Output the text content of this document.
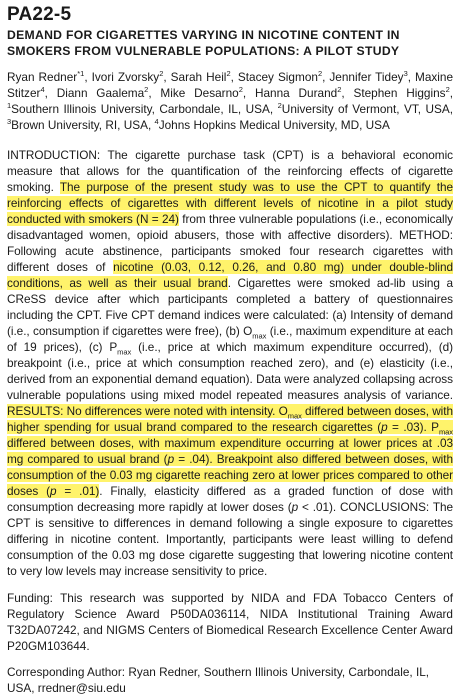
PA22-5
DEMAND FOR CIGARETTES VARYING IN NICOTINE CONTENT IN SMOKERS FROM VULNERABLE POPULATIONS: A PILOT STUDY
Ryan Redner$^{*1}$, Ivori Zvorsky$^2$, Sarah Heil$^2$, Stacey Sigmon$^2$, Jennifer Tidey$^3$, Maxine Stitzer$^4$, Diann Gaalema$^2$, Mike Desarno$^2$, Hanna Durand$^2$, Stephen Higgins$^2$, $^1$Southern Illinois University, Carbondale, IL, USA, $^2$University of Vermont, VT, USA, $^3$Brown University, RI, USA, $^4$Johns Hopkins Medical University, MD, USA
INTRODUCTION: The cigarette purchase task (CPT) is a behavioral economic measure that allows for the quantification of the reinforcing effects of cigarette smoking. The purpose of the present study was to use the CPT to quantify the reinforcing effects of cigarettes with different levels of nicotine in a pilot study conducted with smokers (N = 24) from three vulnerable populations (i.e., economically disadvantaged women, opioid abusers, those with affective disorders). METHOD: Following acute abstinence, participants smoked four research cigarettes with different doses of nicotine (0.03, 0.12, 0.26, and 0.80 mg) under double-blind conditions, as well as their usual brand. Cigarettes were smoked ad-lib using a CReSS device after which participants completed a battery of questionnaires including the CPT. Five CPT demand indices were calculated: (a) Intensity of demand (i.e., consumption if cigarettes were free), (b) $O_{max}$ (i.e., maximum expenditure at each of 19 prices), (c) $P_{max}$ (i.e., price at which maximum expenditure occurred), (d) breakpoint (i.e., price at which consumption reached zero), and (e) elasticity (i.e., derived from an exponential demand equation). Data were analyzed collapsing across vulnerable populations using mixed model repeated measures analysis of variance. RESULTS: No differences were noted with intensity. $O_{max}$ differed between doses, with higher spending for usual brand compared to the research cigarettes (p = .03). $P_{max}$ differed between doses, with maximum expenditure occurring at lower prices at .03 mg compared to usual brand (p = .04). Breakpoint also differed between doses, with consumption of the 0.03 mg cigarette reaching zero at lower prices compared to other doses (p = .01). Finally, elasticity differed as a graded function of dose with consumption decreasing more rapidly at lower doses (p < .01). CONCLUSIONS: The CPT is sensitive to differences in demand following a single exposure to cigarettes differing in nicotine content. Importantly, participants were least willing to defend consumption of the 0.03 mg dose cigarette suggesting that lowering nicotine content to very low levels may increase sensitivity to price.
Funding: This research was supported by NIDA and FDA Tobacco Centers of Regulatory Science Award P50DA036114, NIDA Institutional Training Award T32DA07242, and NIGMS Centers of Biomedical Research Excellence Center Award P20GM103644.
Corresponding Author: Ryan Redner, Southern Illinois University, Carbondale, IL, USA, rredner@siu.edu
